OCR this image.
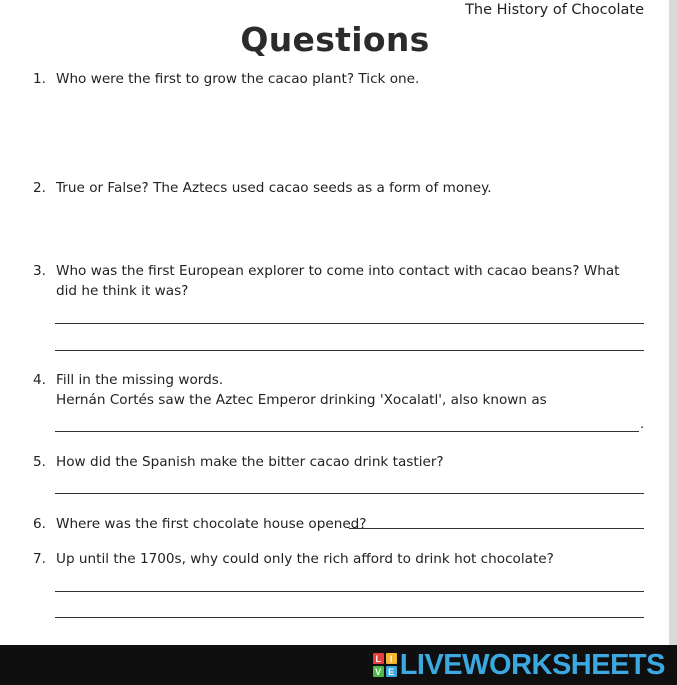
The History of Chocolate
Questions
1. Who were the first to grow the cacao plant? Tick one.
2. True or False? The Aztecs used cacao seeds as a form of money.
3. Who was the first European explorer to come into contact with cacao beans? What did he think it was?
4. Fill in the missing words.
Hernán Cortés saw the Aztec Emperor drinking 'Xocalatl', also known as
.
5. How did the Spanish make the bitter cacao drink tastier?
6. Where was the first chocolate house opened?
7. Up until the 1700s, why could only the rich afford to drink hot chocolate?
L I
V E LIVEWORKSHEETS
